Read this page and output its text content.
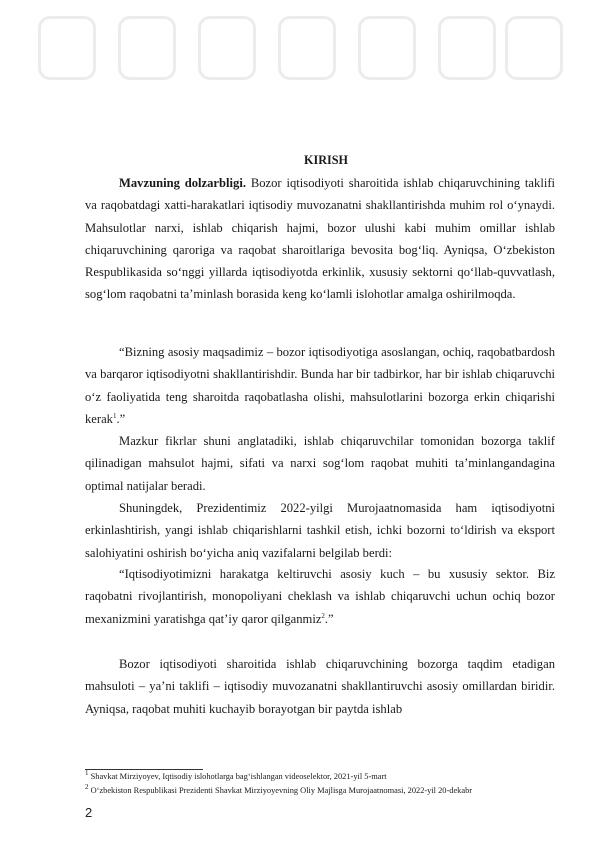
KIRISH

Mavzuning dolzarbligi. Bozor iqtisodiyoti sharoitida ishlab chiqaruvchining taklifi va raqobatdagi xatti-harakatlari iqtisodiy muvozanatni shakllantirishda muhim rol o‘ynaydi. Mahsulotlar narxi, ishlab chiqarish hajmi, bozor ulushi kabi muhim omillar ishlab chiqaruvchining qaroriga va raqobat sharoitlariga bevosita bog‘liq. Ayniqsa, O‘zbekiston Respublikasida so‘nggi yillarda iqtisodiyotda erkinlik, xususiy sektorni qo‘llab-quvvatlash, sog‘lom raqobatni ta’minlash borasida keng ko‘lamli islohotlar amalga oshirilmoqda.

“Bizning asosiy maqsadimiz – bozor iqtisodiyotiga asoslangan, ochiq, raqobatbardosh va barqaror iqtisodiyotni shakllantirishdir. Bunda har bir tadbirkor, har bir ishlab chiqaruvchi o‘z faoliyatida teng sharoitda raqobatlasha olishi, mahsulotlarini bozorga erkin chiqarishi kerak$^1$.”

Mazkur fikrlar shuni anglatadiki, ishlab chiqaruvchilar tomonidan bozorga taklif qilinadigan mahsulot hajmi, sifati va narxi sog‘lom raqobat muhiti ta’minlangandagina optimal natijalar beradi.

Shuningdek, Prezidentimiz 2022-yilgi Murojaatnomasida ham iqtisodiyotni erkinlashtirish, yangi ishlab chiqarishlarni tashkil etish, ichki bozorni to‘ldirish va eksport salohiyatini oshirish bo‘yicha aniq vazifalarni belgilab berdi:

“Iqtisodiyotimizni harakatga keltiruvchi asosiy kuch – bu xususiy sektor. Biz raqobatni rivojlantirish, monopoliyani cheklash va ishlab chiqaruvchi uchun ochiq bozor mexanizmini yaratishga qat’iy qaror qilganmiz$^2$.”

Bozor iqtisodiyoti sharoitida ishlab chiqaruvchining bozorga taqdim etadigan mahsuloti – ya’ni taklifi – iqtisodiy muvozanatni shakllantiruvchi asosiy omillardan biridir. Ayniqsa, raqobat muhiti kuchayib borayotgan bir paytda ishlab

$^1$ Shavkat Mirziyoyev, Iqtisodiy islohotlarga bag‘ishlangan videoselektor, 2021-yil 5-mart
$^2$ O‘zbekiston Respublikasi Prezidenti Shavkat Mirziyoyevning Oliy Majlisga Murojaatnomasi, 2022-yil 20-dekabr
2
